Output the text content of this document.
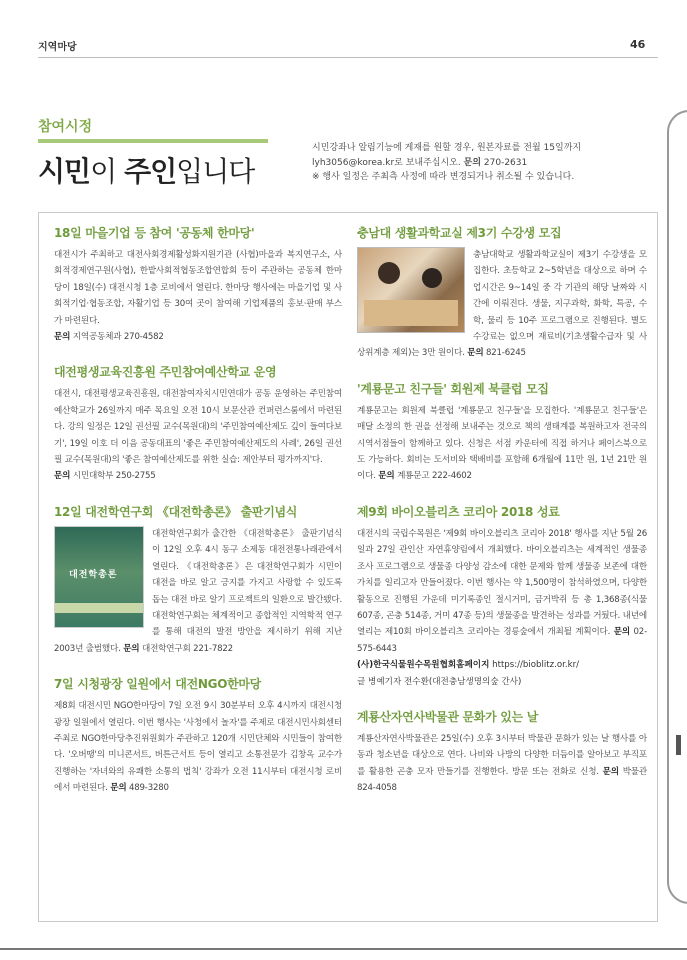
지역마당	46
참여시정
시민이 주인입니다
시민강좌나 알림기능에 게재를 원할 경우, 원본자료를 전월 15일까지 lyh3056@korea.kr로 보내주십시오. 문의 270-2631
※ 행사 일정은 주최측 사정에 따라 변경되거나 취소될 수 있습니다.
18일 마을기업 등 참여 '공동체 한마당'

대전시가 주최하고 대전사회경제활성화지원기관 (사협)마을과 복지연구소, 사회적경제연구원(사협), 한밭사회적협동조합연합회 등이 주관하는 공동체 한마당이 18일(수) 대전시청 1층 로비에서 열린다. 한마당 행사에는 마을기업 및 사회적기업·협동조합, 자활기업 등 30여 곳이 참여해 기업제품의 홍보·판매 부스가 마련된다.
문의 지역공동체과 270-4582

대전평생교육진흥원 주민참여예산학교 운영

대전시, 대전평생교육진흥원, 대전참여자치시민연대가 공동 운영하는 주민참여예산학교가 26일까지 매주 목요일 오전 10시 보문산관 컨퍼런스룸에서 마련된다. 강의 일정은 12일 권선필 교수(목원대)의 '주민참여예산제도 깊이 들여다보기', 19일 이호 더 이음 공동대표의 '좋은 주민참여예산제도의 사례', 26일 권선필 교수(목원대)의 '좋은 참여예산제도를 위한 실습: 제안부터 평가까지'다.
문의 시민대학부 250-2755

12일 대전학연구회 《대전학총론》 출판기념식
대전학총론

대전학연구회가 출간한 《대전학총론》 출판기념식이 12일 오후 4시 동구 소제동 대전전통나래관에서 열린다. 《대전학총론》은 대전학연구회가 시민이 대전을 바로 알고 긍지를 가지고 사랑할 수 있도록 돕는 대전 바로 알기 프로젝트의 일환으로 발간됐다. 대전학연구회는 체계적이고 종합적인 지역학적 연구를 통해 대전의 발전 방안을 제시하기 위해 지난 2003년 출범했다. 문의 대전학연구회 221-7822

7일 시청광장 일원에서 대전NGO한마당

제8회 대전시민 NGO한마당이 7일 오전 9시 30분부터 오후 4시까지 대전시청광장 일원에서 열린다. 이번 행사는 '사청에서 놀자'를 주제로 대전시민사회센터 주최로 NGO한마당추진위원회가 주관하고 120개 시민단체와 시민들이 참여한다. '오버땡'의 미니콘서트, 버튼근서트 등이 열리고 소통전문가 김창옥 교수가 진행하는 '자녀와의 유쾌한 소통의 법칙' 강좌가 오전 11시부터 대전시청 로비에서 마련된다. 문의 489-3280

충남대 생활과학교실 제3기 수강생 모집

충남대학교 생활과학교실이 제3기 수강생을 모집한다. 초등학교 2~5학년을 대상으로 하며 수업시간은 9~14일 중 각 기관의 해당 날짜와 시간에 이뤄진다. 생물, 지구과학, 화학, 특공, 수학, 물리 등 10주 프로그램으로 진행된다. 별도 수강료는 없으며 재료비(기초생활수급자 및 사상위계층 제외)는 3만 원이다. 문의 821-6245

'계룡문고 친구들' 회원제 북클럽 모집

계룡문고는 회원제 북클럽 '계룡문고 친구들'을 모집한다. '계룡문고 친구들'은 매달 소정의 한 권을 선정해 보내주는 것으로 책의 생태계를 복원하고자 전국의 시역서점들이 함께하고 있다. 신청은 서점 카운터에 직접 하거나 페이스북으로도 가능하다. 회비는 도서비와 택배비를 포함해 6개월에 11만 원, 1년 21만 원이다. 문의 계룡문고 222-4602

제9회 바이오블리츠 코리아 2018 성료

대전시의 국립수목원은 '제9회 바이오블리츠 코리아 2018' 행사를 지난 5월 26일과 27일 관인산 자연휴양림에서 개최했다. 바이오블리츠는 세계적인 생물종 조사 프로그램으로 생물종 다양성 감소에 대한 문제와 함께 생물종 보존에 대한 가치를 일리고자 만들어졌다. 이번 행사는 약 1,500명이 참석하였으며, 다양한 활동으로 진행된 가운데 미기록종인 절시거미, 금거박쥐 등 총 1,368종(식물 607종, 곤충 514종, 거미 47종 등)의 생물종을 발견하는 성과를 거뒀다. 내년에 열리는 제10회 바이오블리츠 코리아는 경릉숲에서 개최될 계획이다. 문의 02-575-6443

(사)한국식물원수목원협회홈페이지 https://bioblitz.or.kr/
글 병예기자 전수환(대전충남생명의숲 간사)
계룡산자연사박물관 문화가 있는 날

계룡산자연사박물관은 25일(수) 오후 3시부터 박물관 문화가 있는 날 행사를 아동과 청소년을 대상으로 연다. 나비와 나방의 다양한 더듬이를 알아보고 부직포를 활용한 곤충 모자 만들기를 진행한다. 방문 또는 전화로 신청. 문의 박물관 824-4058
